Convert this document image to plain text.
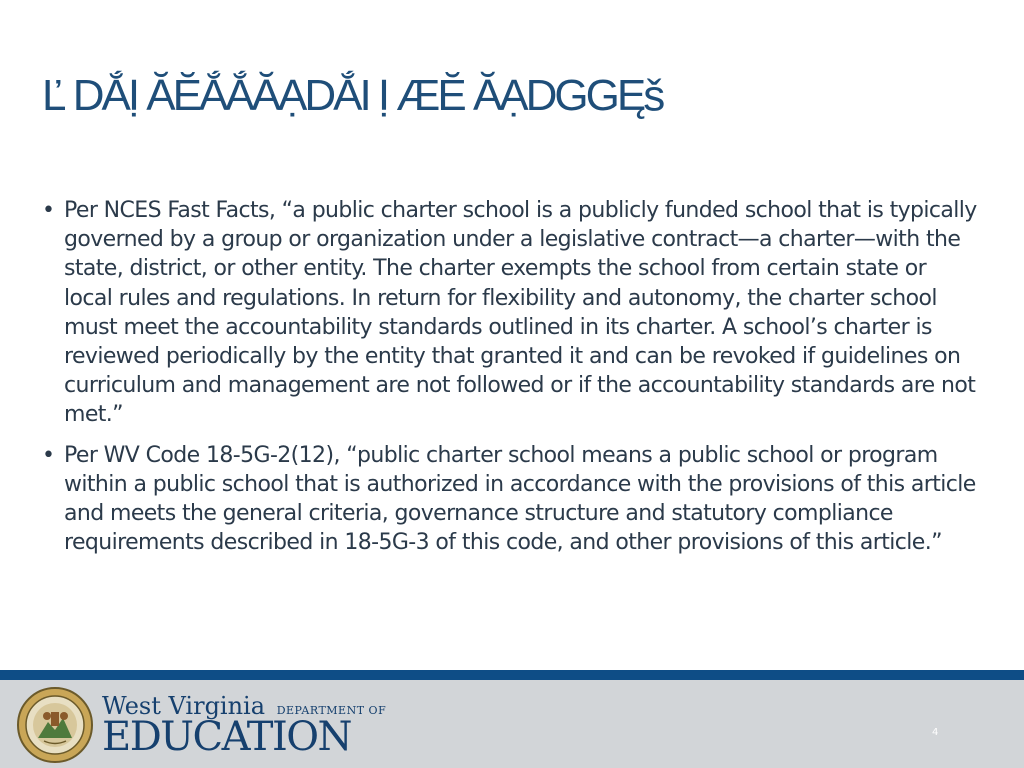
Ľ DẮỊ ĂĔẮẮĂẠDẮI Ị ÆĔ ĂẠDGGĘš
• Per NCES Fast Facts, “a public charter school is a publicly funded school that is typically governed by a group or organization under a legislative contract—a charter—with the state, district, or other entity. The charter exempts the school from certain state or local rules and regulations. In return for flexibility and autonomy, the charter school must meet the accountability standards outlined in its charter. A school’s charter is reviewed periodically by the entity that granted it and can be revoked if guidelines on curriculum and management are not followed or if the accountability standards are not met.”
• Per WV Code 18-5G-2(12), “public charter school means a public school or program within a public school that is authorized in accordance with the provisions of this article and meets the general criteria, governance structure and statutory compliance requirements described in 18-5G-3 of this code, and other provisions of this article.”
West Virginia DEPARTMENT OF
EDUCATION	4
